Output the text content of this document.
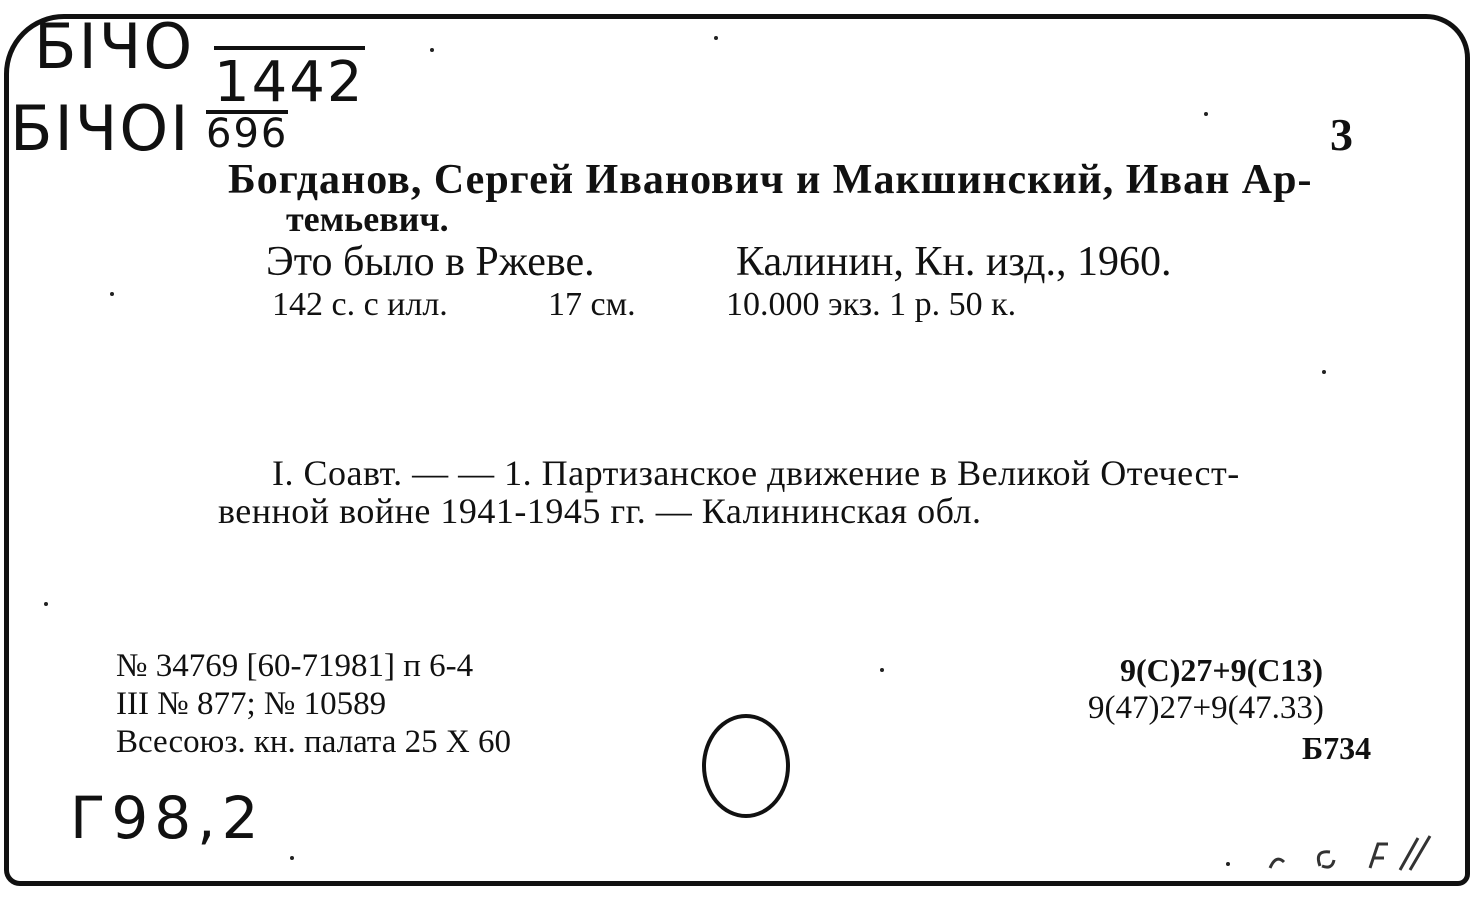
БІЧО 1442
БІЧОІ 696
Г98,2
3
Богданов, Сергей Иванович и Макшинский, Иван Ар-
темьевич.
Это было в Ржеве.	Калинин, Кн. изд., 1960.
142 с. с илл.	17 см.	10.000 экз. 1 р. 50 к.
I. Соавт. — — 1. Партизанское движение в Великой Отечест-
венной войне 1941-1945 гг. — Калининская обл.
№ 34769 [60-71981] п 6-4
III № 877; № 10589
Всесоюз. кн. палата 25 X 60
9(С)27+9(С13)
9(47)27+9(47.33)
Б734
